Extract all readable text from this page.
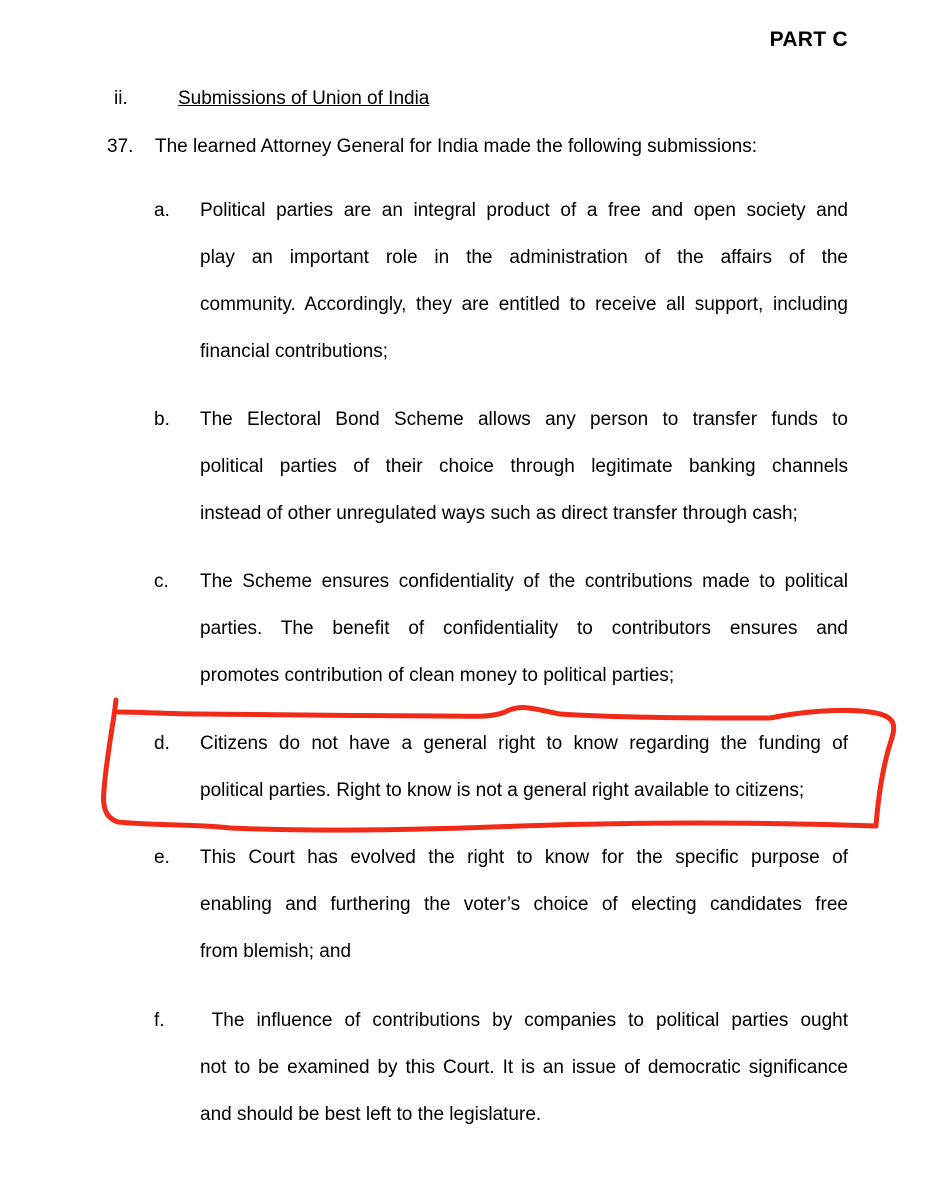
PART C
ii.	Submissions of Union of India
37. The learned Attorney General for India made the following submissions:
a. Political parties are an integral product of a free and open society and
play an important role in the administration of the affairs of the
community. Accordingly, they are entitled to receive all support, including
financial contributions;
b. The Electoral Bond Scheme allows any person to transfer funds to
political parties of their choice through legitimate banking channels
instead of other unregulated ways such as direct transfer through cash;
c. The Scheme ensures confidentiality of the contributions made to political
parties. The benefit of confidentiality to contributors ensures and
promotes contribution of clean money to political parties;
d. Citizens do not have a general right to know regarding the funding of
political parties. Right to know is not a general right available to citizens;
e. This Court has evolved the right to know for the specific purpose of
enabling and furthering the voter’s choice of electing candidates free
from blemish; and
f. The influence of contributions by companies to political parties ought
not to be examined by this Court. It is an issue of democratic significance
and should be best left to the legislature.
